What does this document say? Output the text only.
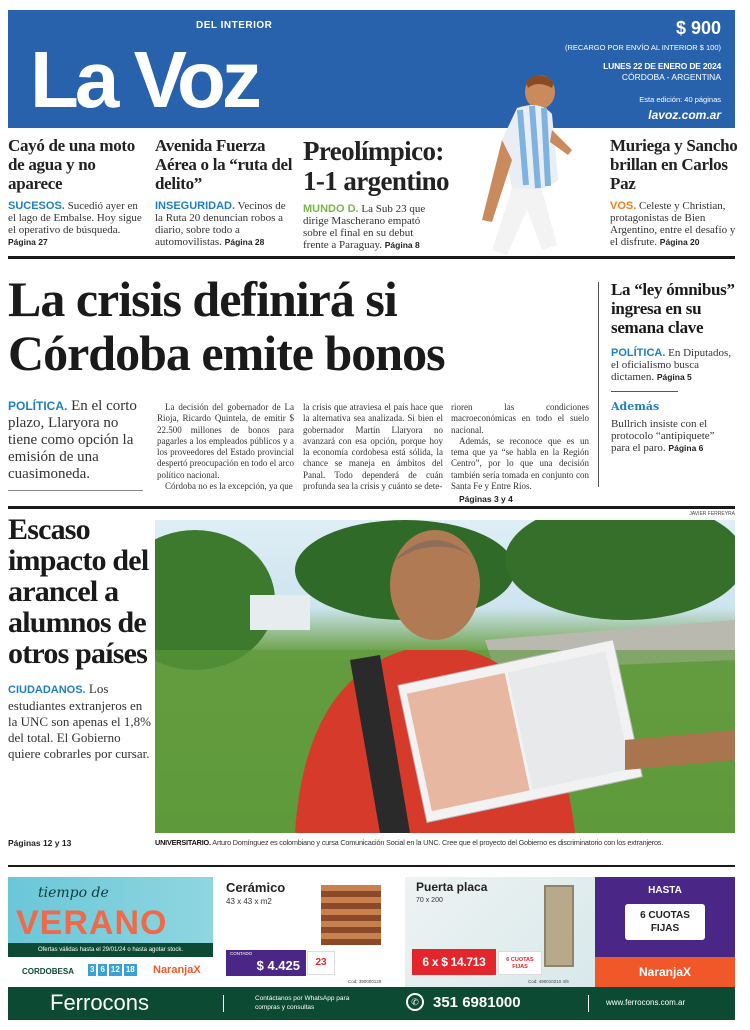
DEL INTERIOR
La Voz
$ 900
(RECARGO POR ENVÍO AL INTERIOR $ 100)
LUNES 22 DE ENERO DE 2024
CÓRDOBA - ARGENTINA
Esta edición: 40 páginas
lavoz.com.ar
Cayó de una moto de agua y no aparece
SUCESOS. Sucedió ayer en el lago de Embalse. Hoy sigue el operativo de búsqueda. Página 27
Avenida Fuerza Aérea o la “ruta del delito”
INSEGURIDAD. Vecinos de la Ruta 20 denuncian robos a diario, sobre todo a automovilistas. Página 28
Preolímpico: 1-1 argentino
MUNDO D. La Sub 23 que dirige Mascherano empató sobre el final en su debut frente a Paraguay. Página 8
Muriega y Sancho brillan en Carlos Paz
VOS. Celeste y Christian, protagonistas de Bien Argentino, entre el desafío y el disfrute. Página 20
La crisis definirá si
Córdoba emite bonos
POLÍTICA. En el corto plazo, Llaryora no tiene como opción la emisión de una cuasimoneda.

La decisión del gobernador de La Rioja, Ricardo Quintela, de emitir $ 22.500 millones de bonos para pagarles a los empleados públicos y a los proveedores del Estado provincial despertó preocupación en todo el arco político nacional.

Córdoba no es la excepción, ya que

la crisis que atraviesa el país hace que la alternativa sea analizada. Si bien el gobernador Martín Llaryora no avanzará con esa opción, porque hoy la economía cordobesa está sólida, la chance se maneja en ámbitos del Panal. Todo dependerá de cuán profunda sea la crisis y cuánto se dete-

rioren las condiciones macroeconómicas en todo el suelo nacional.

Además, se reconoce que es un tema que ya “se habla en la Región Centro”, por lo que una decisión también sería tomada en conjunto con Santa Fe y Entre Ríos.

Páginas 3 y 4

La “ley ómnibus” ingresa en su semana clave
POLÍTICA. En Diputados, el oficialismo busca dictamen. Página 5
Además
Bullrich insiste con el protocolo “antipiquete” para el paro. Página 6
Escaso impacto del arancel a alumnos de otros países
CIUDADANOS. Los estudiantes extranjeros en la UNC son apenas el 1,8% del total. El Gobierno quiere cobrarles por cursar.
Páginas 12 y 13
JAVIER FERREYRA
UNIVERSITARIO. Arturo Domínguez es colombiano y cursa Comunicación Social en la UNC. Cree que el proyecto del Gobierno es discriminatorio con los extranjeros.
tiempo de
VERANO
Ofertas válidas hasta el 29/01/24 o hasta agotar stock.
CORDOBESA 3 6 12 18 NaranjaX
Cerámico
43 x 43 x m2
CONTADO
$ 4.425	23
Cod: 390000128
Puerta placa
70 x 200
6 x $ 14.713	6 CUOTAS FIJAS
Cod: 490010210 4/5
HASTA
6 CUOTAS FIJAS
NaranjaX
Ferrocons	Contáctanos por WhatsApp para compras y consultas
✆ 351 6981000	www.ferrocons.com.ar
